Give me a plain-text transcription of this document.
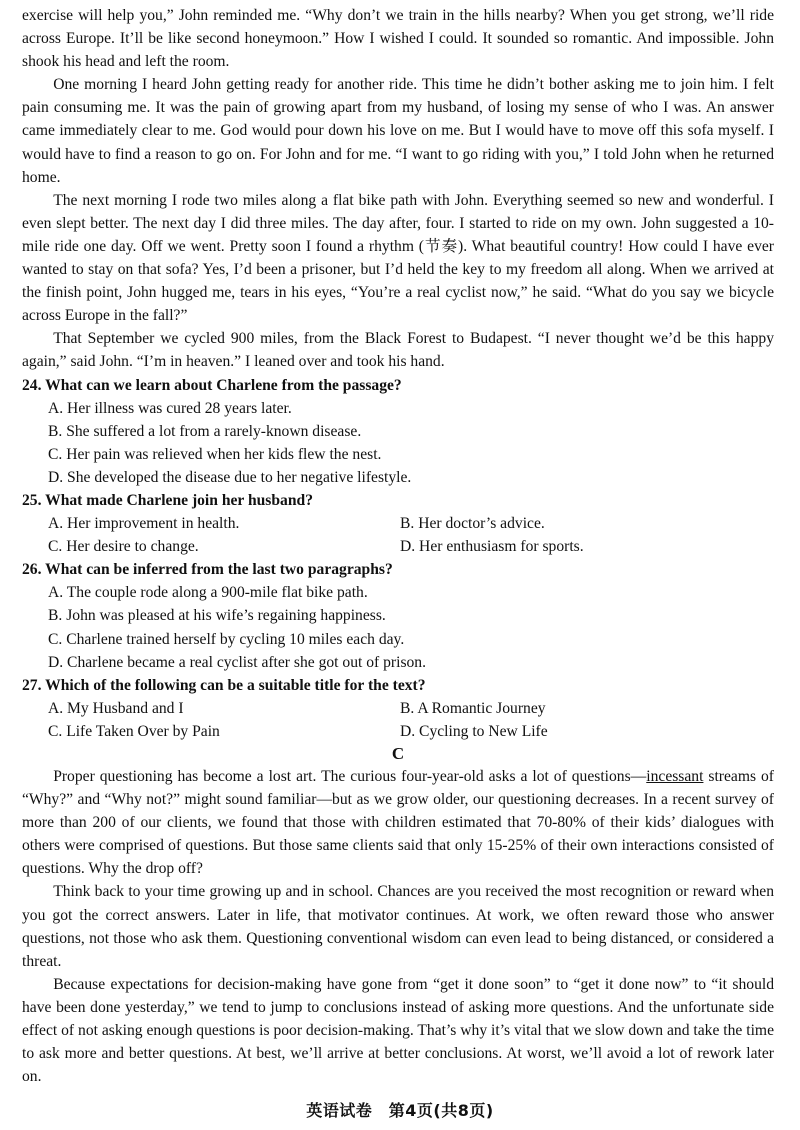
exercise will help you,” John reminded me. “Why don’t we train in the hills nearby? When you get strong, we’ll ride across Europe. It’ll be like second honeymoon.” How I wished I could. It sounded so romantic. And impossible. John shook his head and left the room.

One morning I heard John getting ready for another ride. This time he didn’t bother asking me to join him. I felt pain consuming me. It was the pain of growing apart from my husband, of losing my sense of who I was. An answer came immediately clear to me. God would pour down his love on me. But I would have to move off this sofa myself. I would have to find a reason to go on. For John and for me. “I want to go riding with you,” I told John when he returned home.

The next morning I rode two miles along a flat bike path with John. Everything seemed so new and wonderful. I even slept better. The next day I did three miles. The day after, four. I started to ride on my own. John suggested a 10-mile ride one day. Off we went. Pretty soon I found a rhythm (节奏). What beautiful country! How could I have ever wanted to stay on that sofa? Yes, I’d been a prisoner, but I’d held the key to my freedom all along. When we arrived at the finish point, John hugged me, tears in his eyes, “You’re a real cyclist now,” he said. “What do you say we bicycle across Europe in the fall?”

That September we cycled 900 miles, from the Black Forest to Budapest. “I never thought we’d be this happy again,” said John. “I’m in heaven.” I leaned over and took his hand.

24. What can we learn about Charlene from the passage?

A. Her illness was cured 28 years later.
B. She suffered a lot from a rarely-known disease.
C. Her pain was relieved when her kids flew the nest.
D. She developed the disease due to her negative lifestyle.

25. What made Charlene join her husband?

A. Her improvement in health.	B. Her doctor’s advice.
C. Her desire to change.	D. Her enthusiasm for sports.

26. What can be inferred from the last two paragraphs?

A. The couple rode along a 900-mile flat bike path.
B. John was pleased at his wife’s regaining happiness.
C. Charlene trained herself by cycling 10 miles each day.
D. Charlene became a real cyclist after she got out of prison.

27. Which of the following can be a suitable title for the text?

A. My Husband and I	B. A Romantic Journey
C. Life Taken Over by Pain	D. Cycling to New Life
C

Proper questioning has become a lost art. The curious four-year-old asks a lot of questions—incessant streams of “Why?” and “Why not?” might sound familiar—but as we grow older, our questioning decreases. In a recent survey of more than 200 of our clients, we found that those with children estimated that 70-80% of their kids’ dialogues with others were comprised of questions. But those same clients said that only 15-25% of their own interactions consisted of questions. Why the drop off?

Think back to your time growing up and in school. Chances are you received the most recognition or reward when you got the correct answers. Later in life, that motivator continues. At work, we often reward those who answer questions, not those who ask them. Questioning conventional wisdom can even lead to being distanced, or considered a threat.

Because expectations for decision-making have gone from “get it done soon” to “get it done now” to “it should have been done yesterday,” we tend to jump to conclusions instead of asking more questions. And the unfortunate side effect of not asking enough questions is poor decision-making. That’s why it’s vital that we slow down and take the time to ask more and better questions. At best, we’ll arrive at better conclusions. At worst, we’ll avoid a lot of rework later on.

英语试卷　第4页(共8页)
